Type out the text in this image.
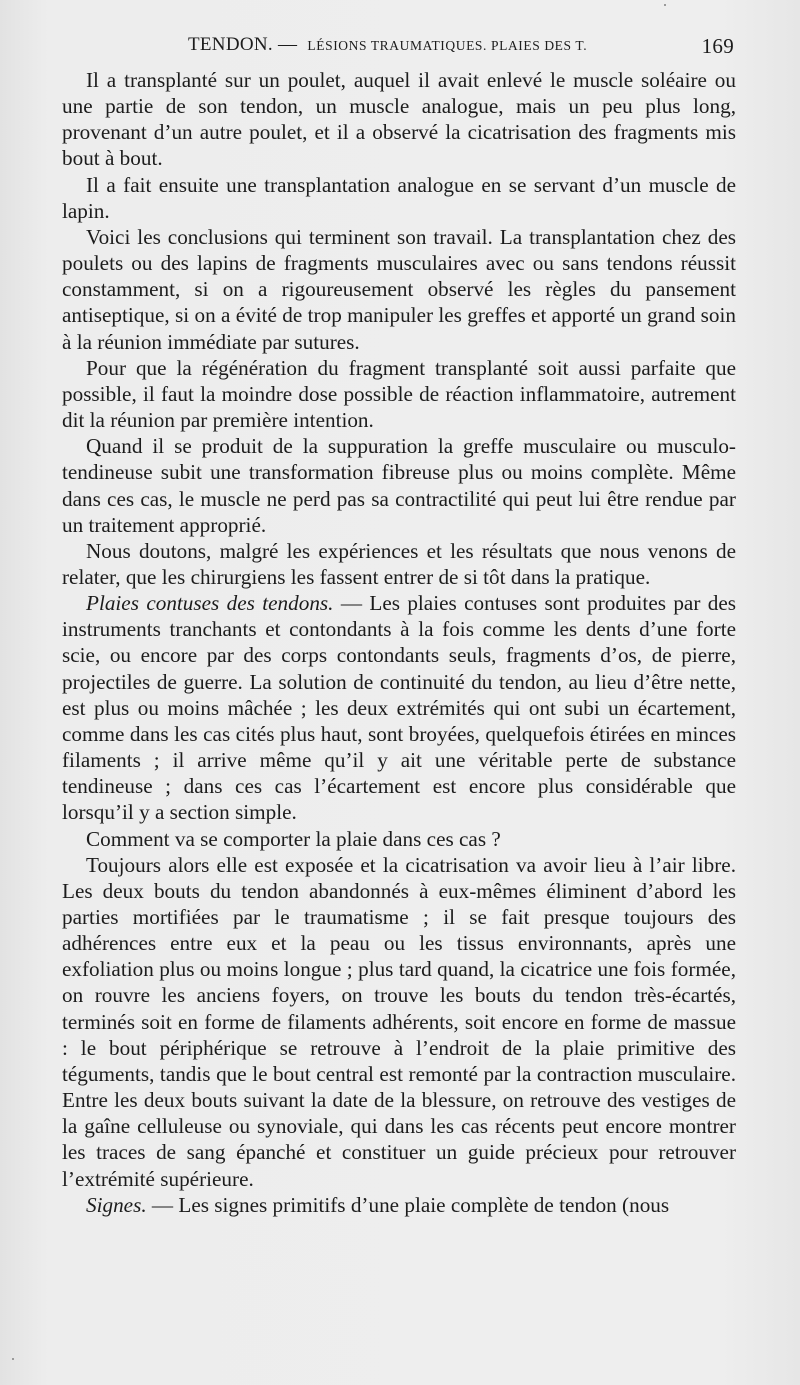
TENDON. — LÉSIONS TRAUMATIQUES. PLAIES DES T.	169

Il a transplanté sur un poulet, auquel il avait enlevé le muscle soléaire ou une partie de son tendon, un muscle analogue, mais un peu plus long, provenant d’un autre poulet, et il a observé la cicatrisation des fragments mis bout à bout.

Il a fait ensuite une transplantation analogue en se servant d’un muscle de lapin.

Voici les conclusions qui terminent son travail. La transplantation chez des poulets ou des lapins de fragments musculaires avec ou sans tendons réussit constamment, si on a rigoureusement observé les règles du pansement antiseptique, si on a évité de trop manipuler les greffes et apporté un grand soin à la réunion immédiate par sutures.

Pour que la régénération du fragment transplanté soit aussi parfaite que possible, il faut la moindre dose possible de réaction inflammatoire, autrement dit la réunion par première intention.

Quand il se produit de la suppuration la greffe musculaire ou musculo-tendineuse subit une transformation fibreuse plus ou moins complète. Même dans ces cas, le muscle ne perd pas sa contractilité qui peut lui être rendue par un traitement approprié.

Nous doutons, malgré les expériences et les résultats que nous venons de relater, que les chirurgiens les fassent entrer de si tôt dans la pratique.

Plaies contuses des tendons. — Les plaies contuses sont produites par des instruments tranchants et contondants à la fois comme les dents d’une forte scie, ou encore par des corps contondants seuls, fragments d’os, de pierre, projectiles de guerre. La solution de continuité du tendon, au lieu d’être nette, est plus ou moins mâchée ; les deux extrémités qui ont subi un écartement, comme dans les cas cités plus haut, sont broyées, quelquefois étirées en minces filaments ; il arrive même qu’il y ait une véritable perte de substance tendineuse ; dans ces cas l’écartement est encore plus considérable que lorsqu’il y a section simple.

Comment va se comporter la plaie dans ces cas ?

Toujours alors elle est exposée et la cicatrisation va avoir lieu à l’air libre. Les deux bouts du tendon abandonnés à eux-mêmes éliminent d’abord les parties mortifiées par le traumatisme ; il se fait presque toujours des adhérences entre eux et la peau ou les tissus environnants, après une exfoliation plus ou moins longue ; plus tard quand, la cicatrice une fois formée, on rouvre les anciens foyers, on trouve les bouts du tendon très-écartés, terminés soit en forme de filaments adhérents, soit encore en forme de massue : le bout périphérique se retrouve à l’endroit de la plaie primitive des téguments, tandis que le bout central est remonté par la contraction musculaire. Entre les deux bouts suivant la date de la blessure, on retrouve des vestiges de la gaîne celluleuse ou synoviale, qui dans les cas récents peut encore montrer les traces de sang épanché et constituer un guide précieux pour retrouver l’extrémité supérieure.

Signes. — Les signes primitifs d’une plaie complète de tendon (nous
